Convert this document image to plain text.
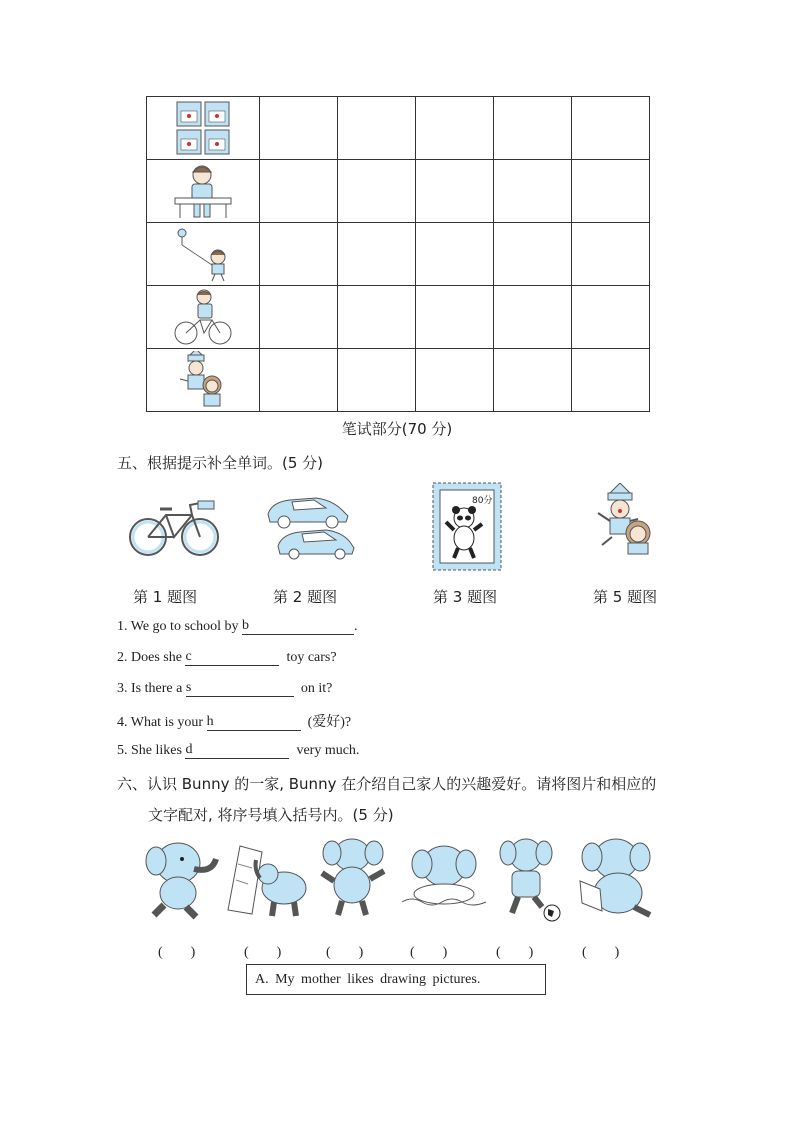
笔试部分(70 分)
五、根据提示补全单词。(5 分)
80分
第 1 题图	第 2 题图	第 3 题图	第 5 题图
1. We go to school by b	.
2. Does she c	toy cars?
3. Is there a s	on it?
4. What is your h	(爱好)?
5. She likes d	very much.
六、认识 Bunny 的一家, Bunny 在介绍自己家人的兴趣爱好。请将图片和相应的
文字配对, 将序号填入括号内。(5 分)
(　　)	(　　)	(　　)	(　　)	(　　)	(　　)
A. My mother likes drawing pictures.
